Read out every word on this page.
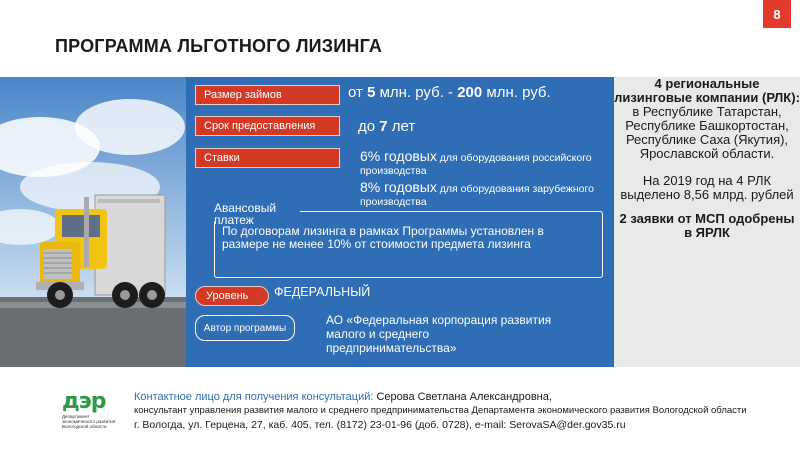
ПРОГРАММА ЛЬГОТНОГО ЛИЗИНГА
8
Размер займов	от 5 млн. руб. - 200 млн. руб.
Срок предоставления	до 7 лет
Ставки	6% годовых для оборудования российского производства
8% годовых для оборудования зарубежного производства
Авансовый платеж
По договорам лизинга в рамках Программы установлен в размере не менее 10% от стоимости предмета лизинга
Уровень	ФЕДЕРАЛЬНЫЙ
Автор программы
АО «Федеральная корпорация развития малого и среднего предпринимательства»
4 региональные лизинговые компании (РЛК):
в Республике Татарстан, Республике Башкортостан, Республике Саха (Якутия), Ярославской области.
На 2019 год на 4 РЛК выделено 8,56 млрд. рублей
2 заявки от МСП одобрены в ЯРЛК
дэр
Департамент экономического развития Вологодской области
Контактное лицо для получения консультаций: Серова Светлана Александровна,
консультант управления развития малого и среднего предпринимательства Департамента экономического развития Вологодской области
г. Вологда, ул. Герцена, 27, каб. 405, тел. (8172) 23-01-96 (доб. 0728), e-mail: SerovaSA@der.gov35.ru
